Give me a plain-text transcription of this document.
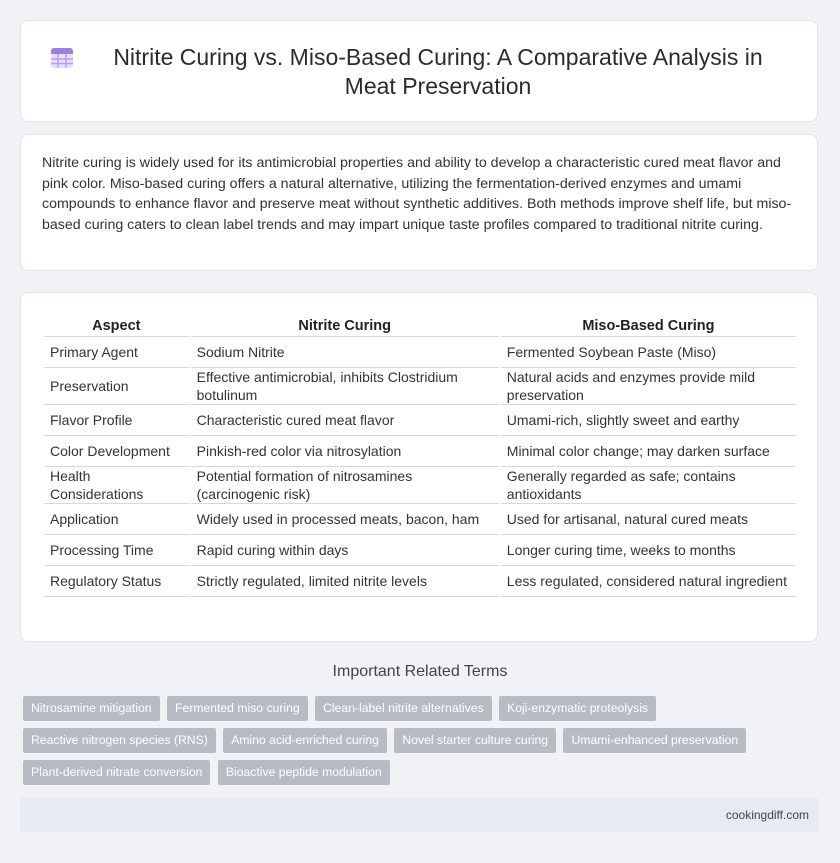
Nitrite Curing vs. Miso-Based Curing: A Comparative Analysis in Meat Preservation

Nitrite curing is widely used for its antimicrobial properties and ability to develop a characteristic cured meat flavor and pink color. Miso-based curing offers a natural alternative, utilizing the fermentation-derived enzymes and umami compounds to enhance flavor and preserve meat without synthetic additives. Both methods improve shelf life, but miso-based curing caters to clean label trends and may impart unique taste profiles compared to traditional nitrite curing.

Aspect	Nitrite Curing	Miso-Based Curing
Primary Agent	Sodium Nitrite	Fermented Soybean Paste (Miso)
Preservation	Effective antimicrobial, inhibits Clostridium botulinum	Natural acids and enzymes provide mild preservation
Flavor Profile	Characteristic cured meat flavor	Umami-rich, slightly sweet and earthy
Color Development	Pinkish-red color via nitrosylation	Minimal color change; may darken surface
Health Considerations	Potential formation of nitrosamines (carcinogenic risk)	Generally regarded as safe; contains antioxidants
Application	Widely used in processed meats, bacon, ham	Used for artisanal, natural cured meats
Processing Time	Rapid curing within days	Longer curing time, weeks to months
Regulatory Status	Strictly regulated, limited nitrite levels	Less regulated, considered natural ingredient
Important Related Terms
Nitrosamine mitigation Fermented miso curing Clean-label nitrite alternatives Koji-enzymatic proteolysis Reactive nitrogen species (RNS) Amino acid-enriched curing Novel starter culture curing Umami-enhanced preservation Plant-derived nitrate conversion Bioactive peptide modulation
cookingdiff.com
